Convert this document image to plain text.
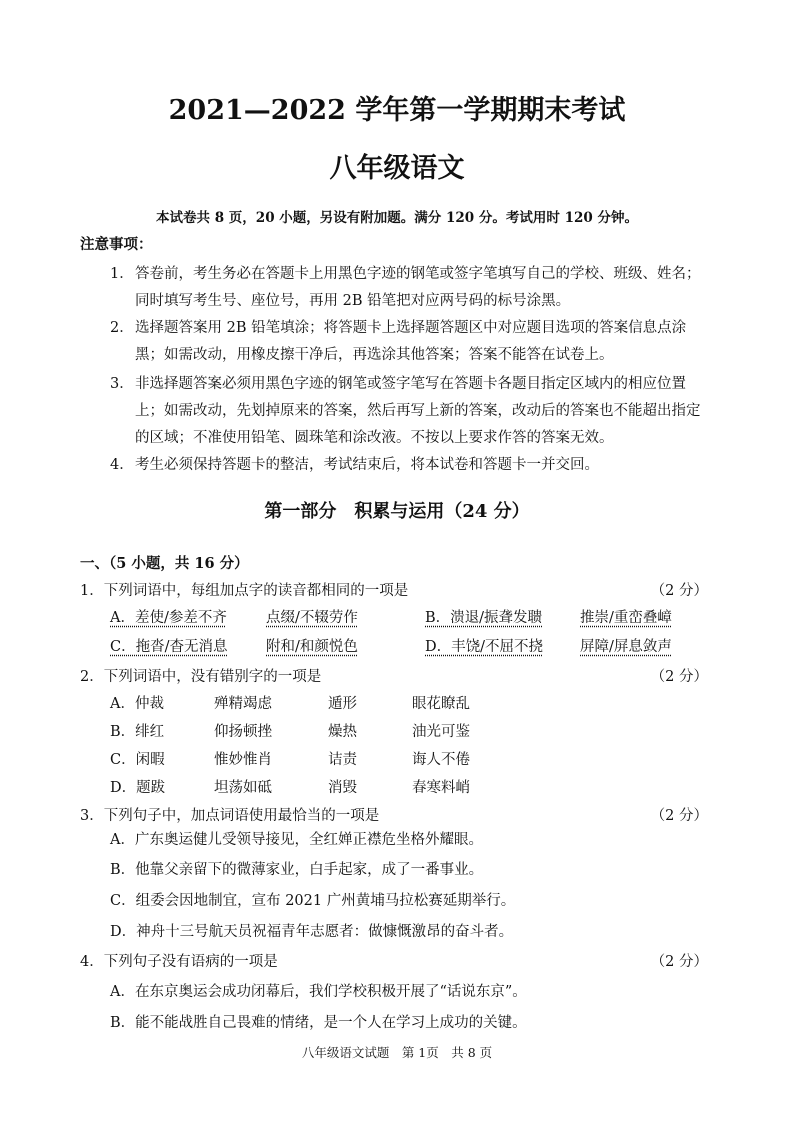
2021—2022 学年第一学期期末考试
八年级语文
本试卷共 8 页，20 小题，另设有附加题。满分 120 分。考试用时 120 分钟。
注意事项：
1． 答卷前，考生务必在答题卡上用黑色字迹的钢笔或签字笔填写自己的学校、班级、姓名；
同时填写考生号、座位号，再用 2B 铅笔把对应两号码的标号涂黑。
2． 选择题答案用 2B 铅笔填涂；将答题卡上选择题答题区中对应题目选项的答案信息点涂
黑；如需改动，用橡皮擦干净后，再选涂其他答案；答案不能答在试卷上。
3． 非选择题答案必须用黑色字迹的钢笔或签字笔写在答题卡各题目指定区域内的相应位置
上；如需改动，先划掉原来的答案，然后再写上新的答案，改动后的答案也不能超出指定
的区域；不准使用铅笔、圆珠笔和涂改液。不按以上要求作答的答案无效。
4． 考生必须保持答题卡的整洁，考试结束后，将本试卷和答题卡一并交回。
第一部分　积累与运用（24 分）
一、（5 小题，共 16 分）
1．下列词语中，每组加点字的读音都相同的一项是	（2 分）
A．差使/参差不齐	点缀/不辍劳作	B．溃退/振聋发聩	推崇/重峦叠嶂
C．拖沓/杳无消息	附和/和颜悦色	D．丰饶/不屈不挠	屏障/屏息敛声
2．下列词语中，没有错别字的一项是	（2 分）
A．仲裁	殚精竭虑	遁形	眼花瞭乱
B．绯红	仰扬顿挫	燥热	油光可鉴
C．闲暇	惟妙惟肖	诘责	诲人不倦
D．题跋	坦荡如砥	消毁	春寒料峭
3．下列句子中，加点词语使用最恰当的一项是	（2 分）
A．广东奥运健儿受领导接见，全红婵正襟危坐格外耀眼。
B．他靠父亲留下的微薄家业，白手起家，成了一番事业。
C．组委会因地制宜，宣布 2021 广州黄埔马拉松赛延期举行。
D．神舟十三号航天员祝福青年志愿者：做慷慨激昂的奋斗者。
4．下列句子没有语病的一项是	（2 分）
A．在东京奥运会成功闭幕后，我们学校积极开展了“话说东京”。
B．能不能战胜自己畏难的情绪，是一个人在学习上成功的关键。
八年级语文试题　第 1页　共 8 页
